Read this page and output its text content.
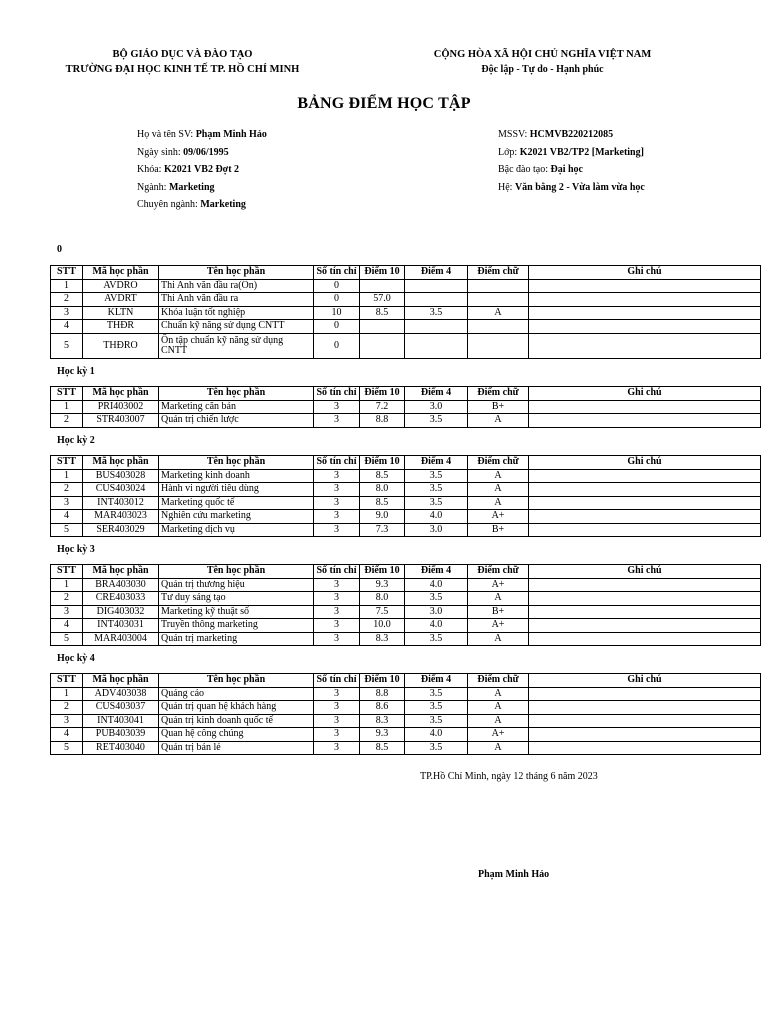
BỘ GIÁO DỤC VÀ ĐÀO TẠO
TRƯỜNG ĐẠI HỌC KINH TẾ TP. HỒ CHÍ MINH
CỘNG HÒA XÃ HỘI CHỦ NGHĨA VIỆT NAM
Độc lập - Tự do - Hạnh phúc
BẢNG ĐIỂM HỌC TẬP
Họ và tên SV: Phạm Minh Hảo
Ngày sinh: 09/06/1995
Khóa: K2021 VB2 Đợt 2
Ngành: Marketing
Chuyên ngành: Marketing
MSSV: HCMVB220212085
Lớp: K2021 VB2/TP2 [Marketing]
Bậc đào tạo: Đại học
Hệ: Văn bằng 2 - Vừa làm vừa học
0
STT	Mã học phần	Tên học phần	Số tín chỉ	Điểm 10	Điểm 4	Điểm chữ	Ghi chú
1	AVDRO	Thi Anh văn đầu ra(Ôn)	0				
2	AVDRT	Thi Anh văn đầu ra	0	57.0			
3	KLTN	Khóa luận tốt nghiệp	10	8.5	3.5	A	
4	THĐR	Chuẩn kỹ năng sử dụng CNTT	0				
5	THĐRO	Ôn tập chuẩn kỹ năng sử dụng CNTT	0				
Học kỳ 1
STT	Mã học phần	Tên học phần	Số tín chỉ	Điểm 10	Điểm 4	Điểm chữ	Ghi chú
1	PRI403002	Marketing căn bản	3	7.2	3.0	B+	
2	STR403007	Quản trị chiến lược	3	8.8	3.5	A	
Học kỳ 2
STT	Mã học phần	Tên học phần	Số tín chỉ	Điểm 10	Điểm 4	Điểm chữ	Ghi chú
1	BUS403028	Marketing kinh doanh	3	8.5	3.5	A	
2	CUS403024	Hành vi người tiêu dùng	3	8.0	3.5	A	
3	INT403012	Marketing quốc tế	3	8.5	3.5	A	
4	MAR403023	Nghiên cứu marketing	3	9.0	4.0	A+	
5	SER403029	Marketing dịch vụ	3	7.3	3.0	B+	
Học kỳ 3
STT	Mã học phần	Tên học phần	Số tín chỉ	Điểm 10	Điểm 4	Điểm chữ	Ghi chú
1	BRA403030	Quản trị thương hiệu	3	9.3	4.0	A+	
2	CRE403033	Tư duy sáng tạo	3	8.0	3.5	A	
3	DIG403032	Marketing kỹ thuật số	3	7.5	3.0	B+	
4	INT403031	Truyền thông marketing	3	10.0	4.0	A+	
5	MAR403004	Quản trị marketing	3	8.3	3.5	A	
Học kỳ 4
STT	Mã học phần	Tên học phần	Số tín chỉ	Điểm 10	Điểm 4	Điểm chữ	Ghi chú
1	ADV403038	Quảng cáo	3	8.8	3.5	A	
2	CUS403037	Quản trị quan hệ khách hàng	3	8.6	3.5	A	
3	INT403041	Quản trị kinh doanh quốc tế	3	8.3	3.5	A	
4	PUB403039	Quan hệ công chúng	3	9.3	4.0	A+	
5	RET403040	Quản trị bán lẻ	3	8.5	3.5	A	
TP.Hồ Chí Minh, ngày 12 tháng 6 năm 2023
Phạm Minh Hảo
